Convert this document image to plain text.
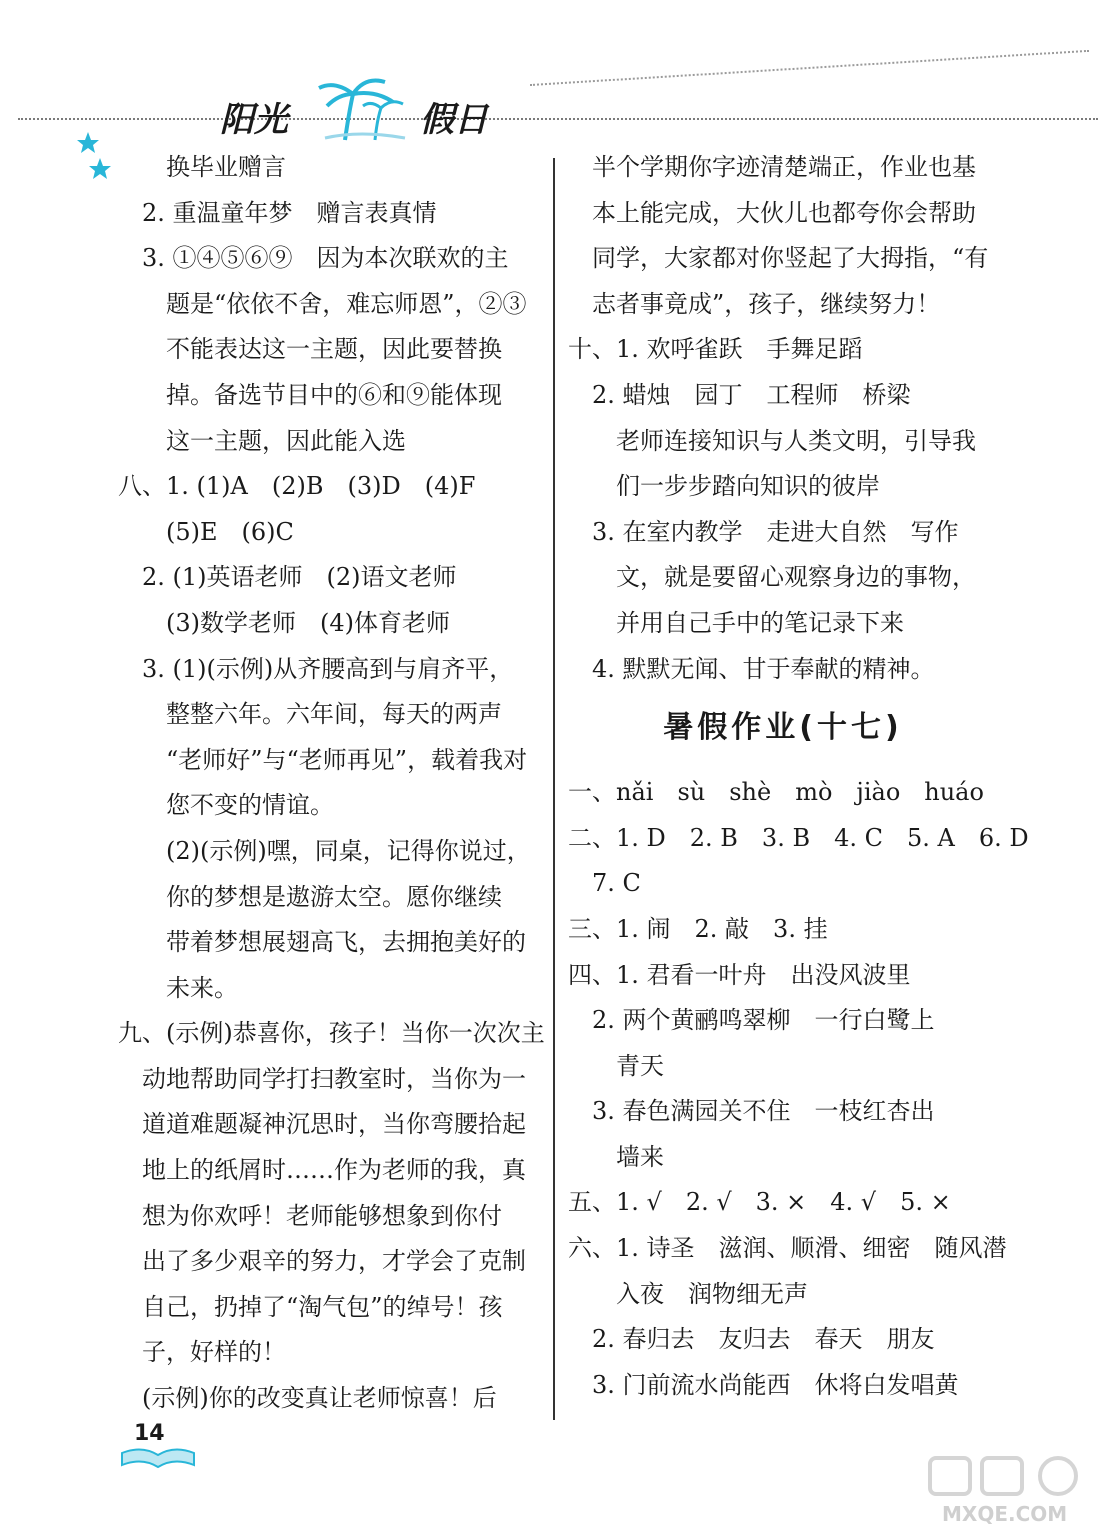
阳光	假日
　　换毕业赠言
　2. 重温童年梦　赠言表真情
　3. ①④⑤⑥⑨　因为本次联欢的主
　　题是“依依不舍，难忘师恩”，②③
　　不能表达这一主题，因此要替换
　　掉。备选节目中的⑥和⑨能体现
　　这一主题，因此能入选
八、1. (1)A　(2)B　(3)D　(4)F
　　(5)E　(6)C
　2. (1)英语老师　(2)语文老师
　　(3)数学老师　(4)体育老师
　3. (1)(示例)从齐腰高到与肩齐平，
　　整整六年。六年间，每天的两声
　　“老师好”与“老师再见”，载着我对
　　您不变的情谊。
　　(2)(示例)嘿，同桌，记得你说过，
　　你的梦想是遨游太空。愿你继续
　　带着梦想展翅高飞，去拥抱美好的
　　未来。
九、(示例)恭喜你，孩子！当你一次次主
　动地帮助同学打扫教室时，当你为一
　道道难题凝神沉思时，当你弯腰拾起
　地上的纸屑时……作为老师的我，真
　想为你欢呼！老师能够想象到你付
　出了多少艰辛的努力，才学会了克制
　自己，扔掉了“淘气包”的绰号！孩
　子，好样的！
　(示例)你的改变真让老师惊喜！后
　半个学期你字迹清楚端正，作业也基
　本上能完成，大伙儿也都夸你会帮助
　同学，大家都对你竖起了大拇指，“有
　志者事竟成”，孩子，继续努力！
十、1. 欢呼雀跃　手舞足蹈
　2. 蜡烛　园丁　工程师　桥梁
　　老师连接知识与人类文明，引导我
　　们一步步踏向知识的彼岸
　3. 在室内教学　走进大自然　写作
　　文，就是要留心观察身边的事物，
　　并用自己手中的笔记录下来
　4. 默默无闻、甘于奉献的精神。
暑假作业(十七)
一、nǎi　sù　shè　mò　jiào　huáo
二、1. D　2. B　3. B　4. C　5. A　6. D
　7. C
三、1. 闹　2. 敲　3. 挂
四、1. 君看一叶舟　出没风波里
　2. 两个黄鹂鸣翠柳　一行白鹭上
　　青天
　3. 春色满园关不住　一枝红杏出
　　墙来
五、1. √　2. √　3. ×　4. √　5. ×
六、1. 诗圣　滋润、顺滑、细密　随风潜
　　入夜　润物细无声
　2. 春归去　友归去　春天　朋友
　3. 门前流水尚能西　休将白发唱黄
14
MXQE.COM
